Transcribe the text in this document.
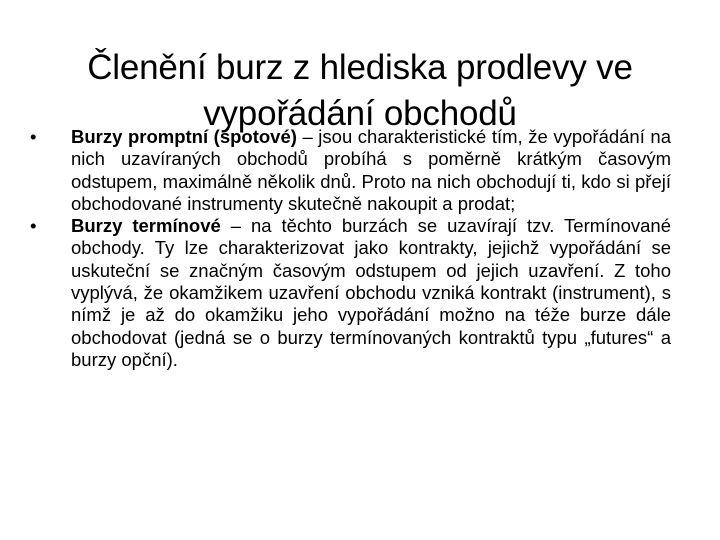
Členění burz z hlediska prodlevy ve
vypořádání obchodů
•	Burzy promptní (spotové) – jsou charakteristické tím, že vypořádání na nich uzavíraných obchodů probíhá s poměrně krátkým časovým odstupem, maximálně několik dnů. Proto na nich obchodují ti, kdo si přejí obchodované instrumenty skutečně nakoupit a prodat;
•	Burzy termínové – na těchto burzách se uzavírají tzv. Termínované obchody. Ty lze charakterizovat jako kontrakty, jejichž vypořádání se uskuteční se značným časovým odstupem od jejich uzavření. Z toho vyplývá, že okamžikem uzavření obchodu vzniká kontrakt (instrument), s nímž je až do okamžiku jeho vypořádání možno na téže burze dále obchodovat (jedná se o burzy termínovaných kontraktů typu „futures“ a burzy opční).
